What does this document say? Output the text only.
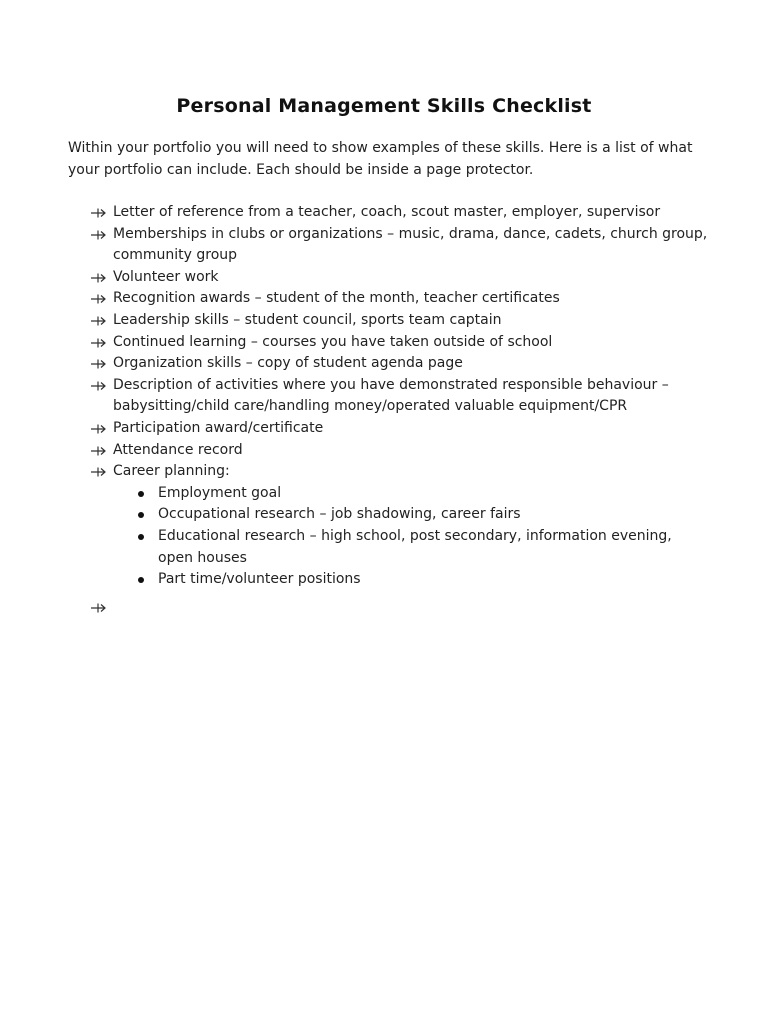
Personal Management Skills Checklist
Within your portfolio you will need to show examples of these skills. Here is a list of what your portfolio can include. Each should be inside a page protector.
Letter of reference from a teacher, coach, scout master, employer, supervisor
Memberships in clubs or organizations – music, drama, dance, cadets, church group, community group
Volunteer work
Recognition awards – student of the month, teacher certificates
Leadership skills – student council, sports team captain
Continued learning – courses you have taken outside of school
Organization skills – copy of student agenda page
Description of activities where you have demonstrated responsible behaviour – babysitting/child care/handling money/operated valuable equipment/CPR
Participation award/certificate
Attendance record
Career planning:
Employment goal
Occupational research – job shadowing, career fairs
Educational research – high school, post secondary, information evening, open houses
Part time/volunteer positions
